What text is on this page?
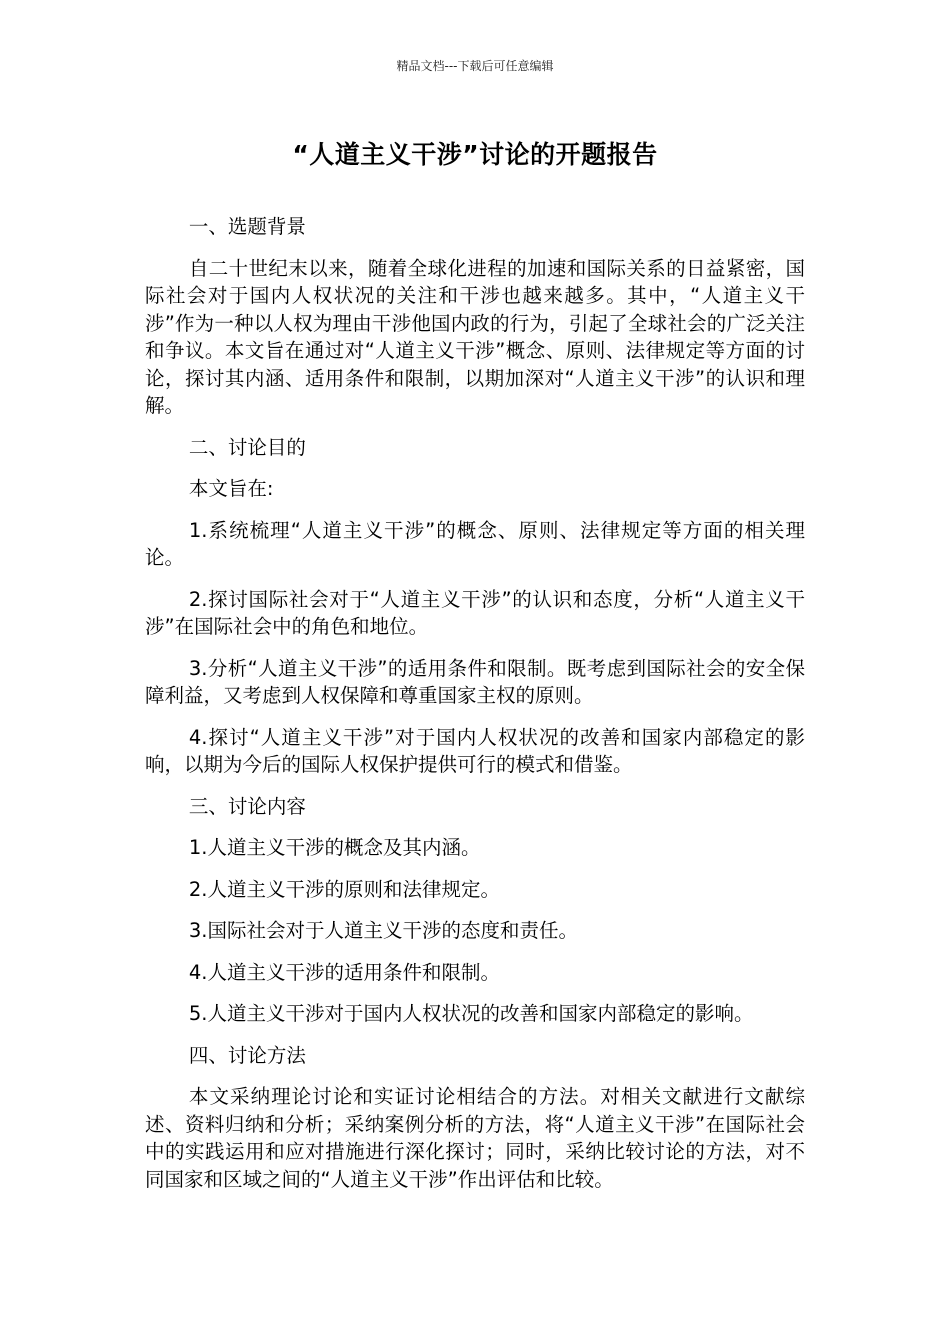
精品文档---下载后可任意编辑
“人道主义干涉”讨论的开题报告

一、选题背景

自二十世纪末以来，随着全球化进程的加速和国际关系的日益紧密，国际社会对于国内人权状况的关注和干涉也越来越多。其中，“人道主义干涉”作为一种以人权为理由干涉他国内政的行为，引起了全球社会的广泛关注和争议。本文旨在通过对“人道主义干涉”概念、原则、法律规定等方面的讨论，探讨其内涵、适用条件和限制，以期加深对“人道主义干涉”的认识和理解。

二、讨论目的

本文旨在:

1.系统梳理“人道主义干涉”的概念、原则、法律规定等方面的相关理论。

2.探讨国际社会对于“人道主义干涉”的认识和态度，分析“人道主义干涉”在国际社会中的角色和地位。

3.分析“人道主义干涉”的适用条件和限制。既考虑到国际社会的安全保障利益，又考虑到人权保障和尊重国家主权的原则。

4.探讨“人道主义干涉”对于国内人权状况的改善和国家内部稳定的影响，以期为今后的国际人权保护提供可行的模式和借鉴。

三、讨论内容

1.人道主义干涉的概念及其内涵。

2.人道主义干涉的原则和法律规定。

3.国际社会对于人道主义干涉的态度和责任。

4.人道主义干涉的适用条件和限制。

5.人道主义干涉对于国内人权状况的改善和国家内部稳定的影响。

四、讨论方法

本文采纳理论讨论和实证讨论相结合的方法。对相关文献进行文献综述、资料归纳和分析；采纳案例分析的方法，将“人道主义干涉”在国际社会中的实践运用和应对措施进行深化探讨；同时，采纳比较讨论的方法，对不同国家和区域之间的“人道主义干涉”作出评估和比较。
